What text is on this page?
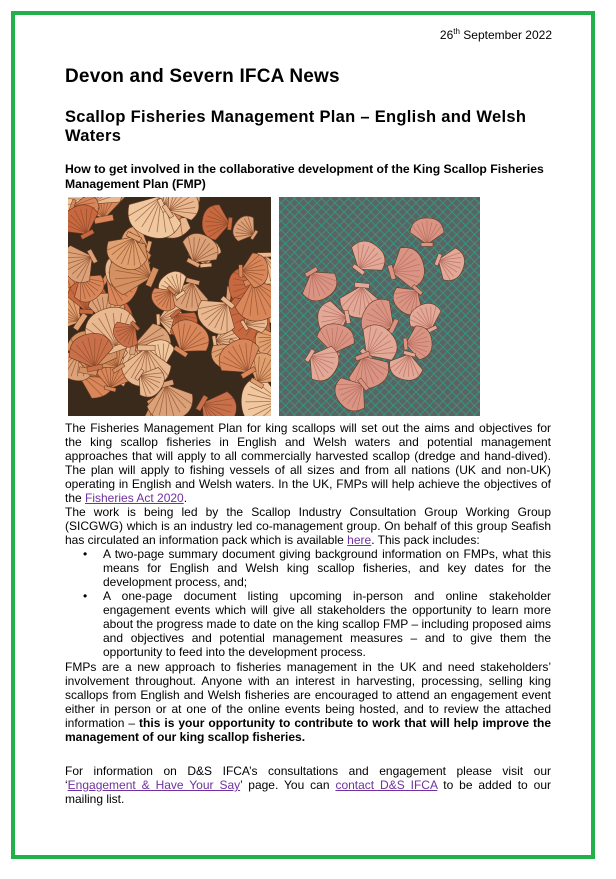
26th September 2022
Devon and Severn IFCA News
Scallop Fisheries Management Plan – English and Welsh Waters
How to get involved in the collaborative development of the King Scallop Fisheries Management Plan (FMP)

The Fisheries Management Plan for king scallops will set out the aims and objectives for the king scallop fisheries in English and Welsh waters and potential management approaches that will apply to all commercially harvested scallop (dredge and hand-dived). The plan will apply to fishing vessels of all sizes and from all nations (UK and non-UK) operating in English and Welsh waters. In the UK, FMPs will help achieve the objectives of the Fisheries Act 2020.

The work is being led by the Scallop Industry Consultation Group Working Group (SICGWG) which is an industry led co-management group. On behalf of this group Seafish has circulated an information pack which is available here. This pack includes:

• A two-page summary document giving background information on FMPs, what this means for English and Welsh king scallop fisheries, and key dates for the development process, and;
• A one-page document listing upcoming in-person and online stakeholder engagement events which will give all stakeholders the opportunity to learn more about the progress made to date on the king scallop FMP – including proposed aims and objectives and potential management measures – and to give them the opportunity to feed into the development process.

FMPs are a new approach to fisheries management in the UK and need stakeholders’ involvement throughout. Anyone with an interest in harvesting, processing, selling king scallops from English and Welsh fisheries are encouraged to attend an engagement event either in person or at one of the online events being hosted, and to review the attached information – this is your opportunity to contribute to work that will help improve the management of our king scallop fisheries.

For information on D&S IFCA’s consultations and engagement please visit our ‘Engagement & Have Your Say’ page. You can contact D&S IFCA to be added to our mailing list.
